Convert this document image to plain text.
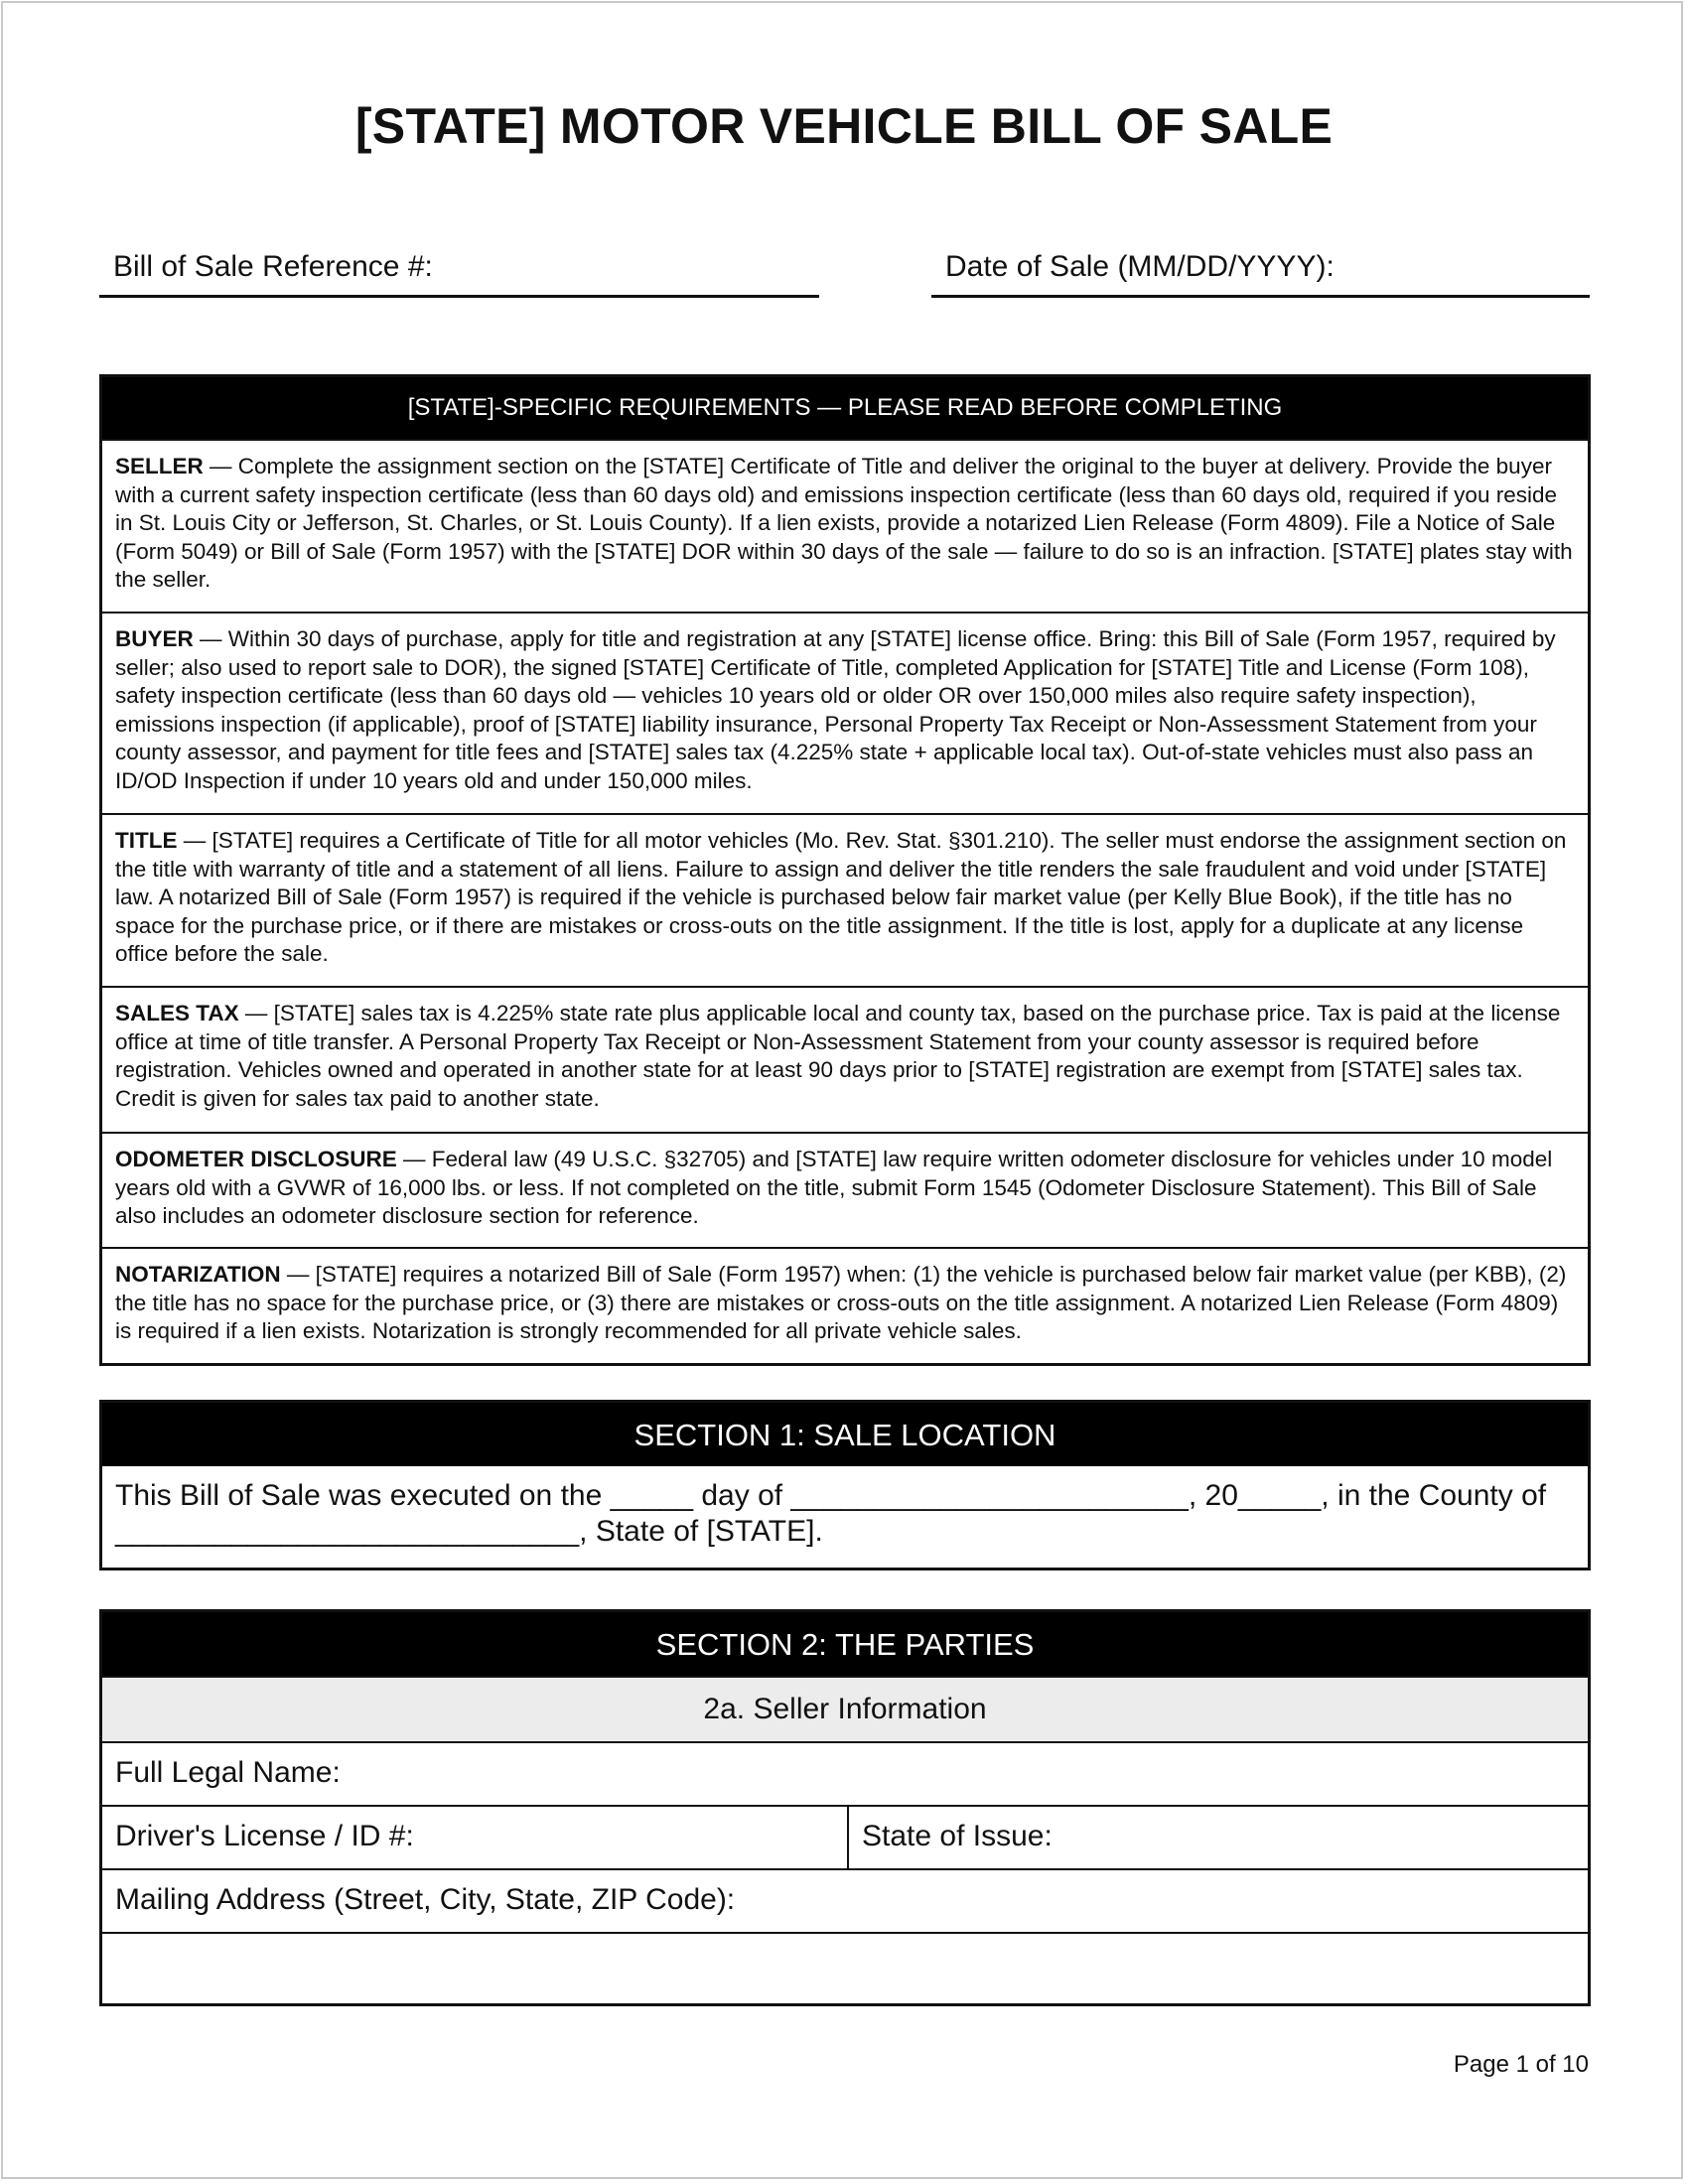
[STATE] MOTOR VEHICLE BILL OF SALE
Bill of Sale Reference #:	Date of Sale (MM/DD/YYYY):
[STATE]-SPECIFIC REQUIREMENTS — PLEASE READ BEFORE COMPLETING
SELLER — Complete the assignment section on the [STATE] Certificate of Title and deliver the original to the buyer at delivery. Provide the buyer with a current safety inspection certificate (less than 60 days old) and emissions inspection certificate (less than 60 days old, required if you reside in St. Louis City or Jefferson, St. Charles, or St. Louis County). If a lien exists, provide a notarized Lien Release (Form 4809). File a Notice of Sale (Form 5049) or Bill of Sale (Form 1957) with the [STATE] DOR within 30 days of the sale — failure to do so is an infraction. [STATE] plates stay with the seller.
BUYER — Within 30 days of purchase, apply for title and registration at any [STATE] license office. Bring: this Bill of Sale (Form 1957, required by seller; also used to report sale to DOR), the signed [STATE] Certificate of Title, completed Application for [STATE] Title and License (Form 108), safety inspection certificate (less than 60 days old — vehicles 10 years old or older OR over 150,000 miles also require safety inspection), emissions inspection (if applicable), proof of [STATE] liability insurance, Personal Property Tax Receipt or Non-Assessment Statement from your county assessor, and payment for title fees and [STATE] sales tax (4.225% state + applicable local tax). Out-of-state vehicles must also pass an ID/OD Inspection if under 10 years old and under 150,000 miles.
TITLE — [STATE] requires a Certificate of Title for all motor vehicles (Mo. Rev. Stat. §301.210). The seller must endorse the assignment section on the title with warranty of title and a statement of all liens. Failure to assign and deliver the title renders the sale fraudulent and void under [STATE] law. A notarized Bill of Sale (Form 1957) is required if the vehicle is purchased below fair market value (per Kelly Blue Book), if the title has no space for the purchase price, or if there are mistakes or cross-outs on the title assignment. If the title is lost, apply for a duplicate at any license office before the sale.
SALES TAX — [STATE] sales tax is 4.225% state rate plus applicable local and county tax, based on the purchase price. Tax is paid at the license office at time of title transfer. A Personal Property Tax Receipt or Non-Assessment Statement from your county assessor is required before registration. Vehicles owned and operated in another state for at least 90 days prior to [STATE] registration are exempt from [STATE] sales tax. Credit is given for sales tax paid to another state.
ODOMETER DISCLOSURE — Federal law (49 U.S.C. §32705) and [STATE] law require written odometer disclosure for vehicles under 10 model years old with a GVWR of 16,000 lbs. or less. If not completed on the title, submit Form 1545 (Odometer Disclosure Statement). This Bill of Sale also includes an odometer disclosure section for reference.
NOTARIZATION — [STATE] requires a notarized Bill of Sale (Form 1957) when: (1) the vehicle is purchased below fair market value (per KBB), (2) the title has no space for the purchase price, or (3) there are mistakes or cross-outs on the title assignment. A notarized Lien Release (Form 4809) is required if a lien exists. Notarization is strongly recommended for all private vehicle sales.
SECTION 1: SALE LOCATION
This Bill of Sale was executed on the _____ day of ________________________, 20_____, in the County of ____________________________, State of [STATE].
SECTION 2: THE PARTIES
2a. Seller Information
Full Legal Name:
Driver's License / ID #:	State of Issue:
Mailing Address (Street, City, State, ZIP Code):
Page 1 of 10
